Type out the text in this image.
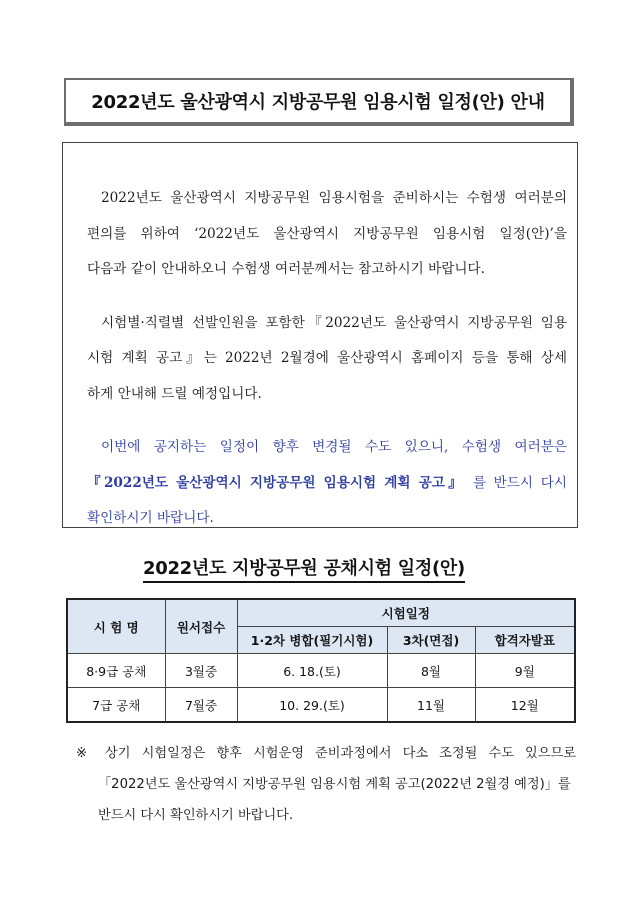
2022년도 울산광역시 지방공무원 임용시험 일정(안) 안내
2022년도 울산광역시 지방공무원 임용시험을 준비하시는 수험생 여러분의
편의를 위하여 ‘2022년도 울산광역시 지방공무원 임용시험 일정(안)’을
다음과 같이 안내하오니 수험생 여러분께서는 참고하시기 바랍니다.
시험별·직렬별 선발인원을 포함한『2022년도 울산광역시 지방공무원 임용
시험 계획 공고』는 2022년 2월경에 울산광역시 홈페이지 등을 통해 상세
하게 안내해 드릴 예정입니다.
이번에 공지하는 일정이 향후 변경될 수도 있으니, 수험생 여러분은
『2022년도 울산광역시 지방공무원 임용시험 계획 공고』 를 반드시 다시
확인하시기 바랍니다.
2022년도 지방공무원 공채시험 일정(안)
시 험 명	원서접수	시험일정		
		1·2차 병합(필기시험)	3차(면접)	합격자발표
8·9급 공채	3월중	6. 18.(토)	8월	9월
7급 공채	7월중	10. 29.(토)	11월	12월
※ 상기 시험일정은 향후 시험운영 준비과정에서 다소 조정될 수도 있으므로
「2022년도 울산광역시 지방공무원 임용시험 계획 공고(2022년 2월경 예정)」를
반드시 다시 확인하시기 바랍니다.
